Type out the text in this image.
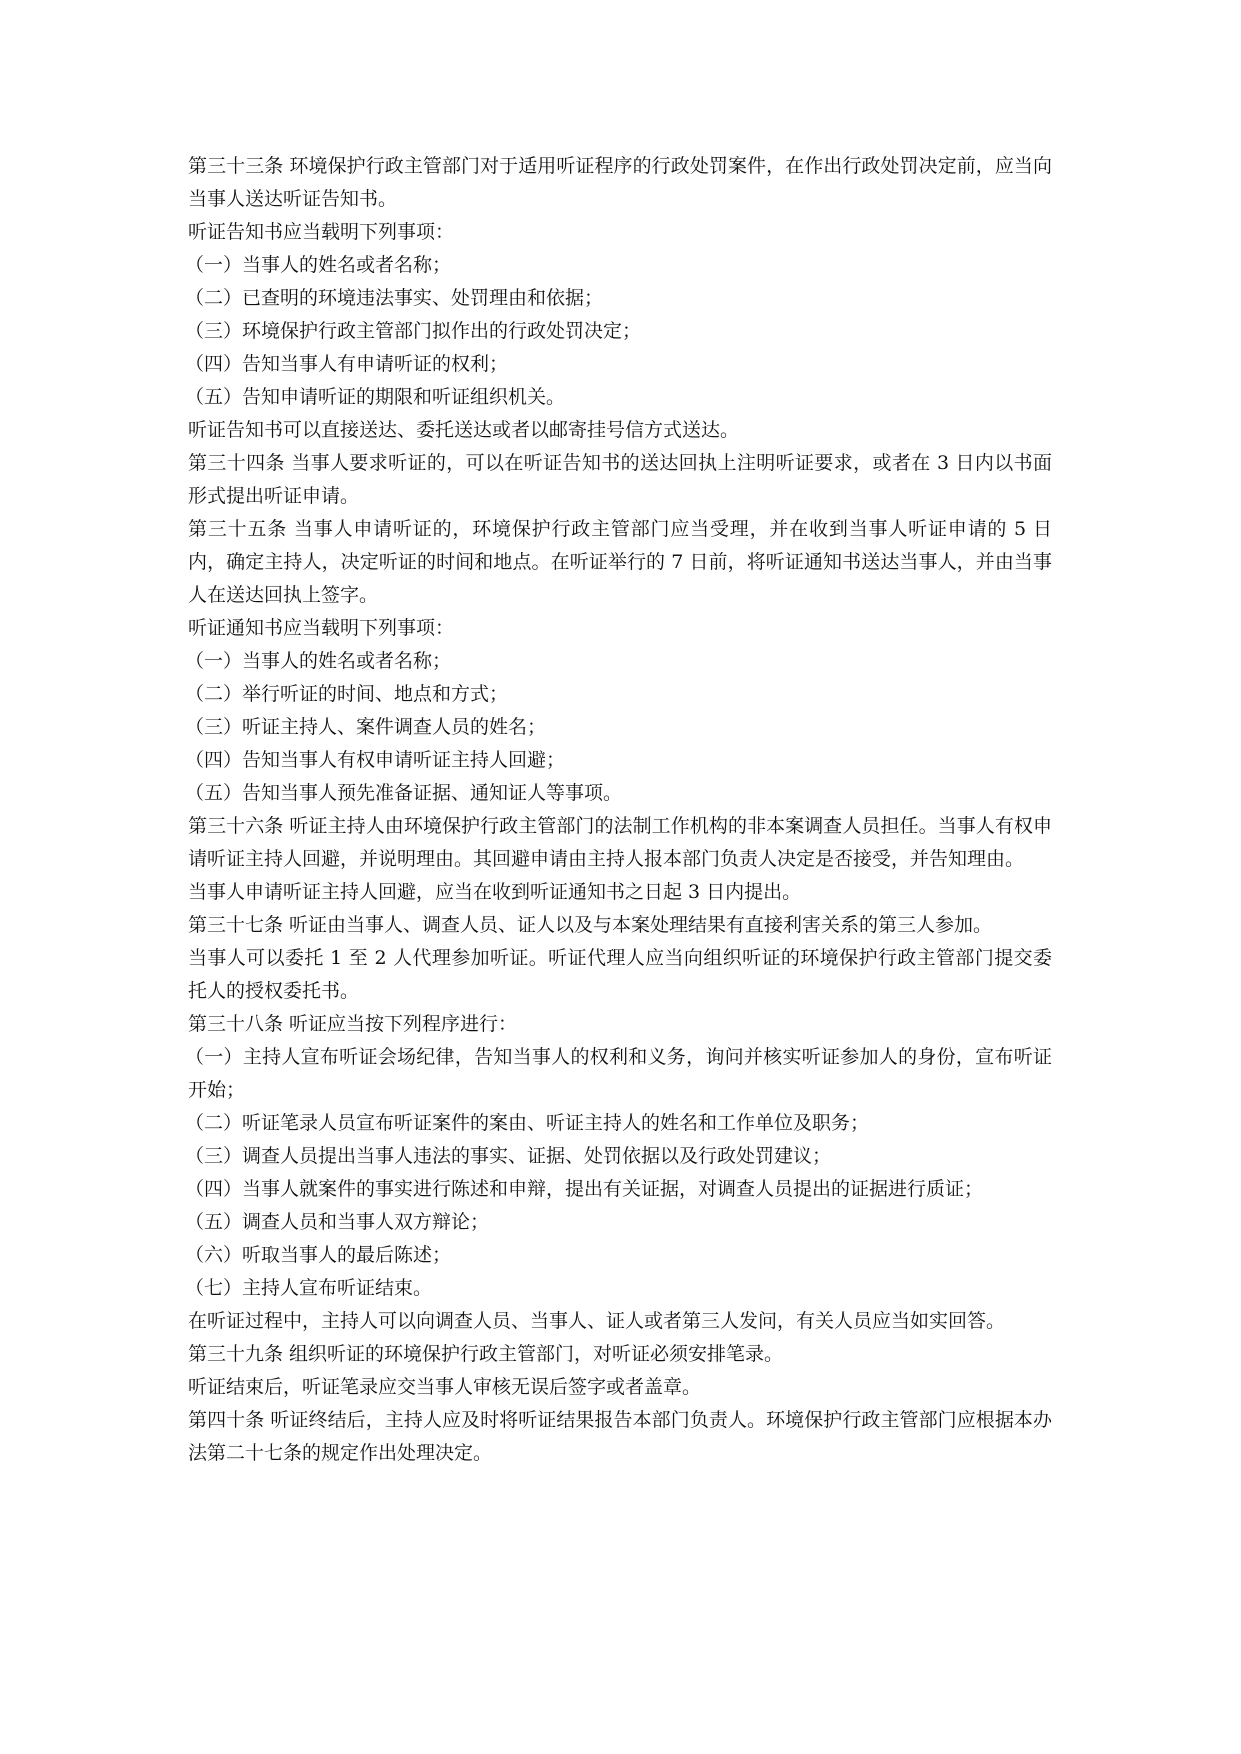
第三十三条 环境保护行政主管部门对于适用听证程序的行政处罚案件，在作出行政处罚决定前，应当向当事人送达听证告知书。

听证告知书应当载明下列事项：

（一）当事人的姓名或者名称；

（二）已查明的环境违法事实、处罚理由和依据；

（三）环境保护行政主管部门拟作出的行政处罚决定；

（四）告知当事人有申请听证的权利；

（五）告知申请听证的期限和听证组织机关。

听证告知书可以直接送达、委托送达或者以邮寄挂号信方式送达。

第三十四条 当事人要求听证的，可以在听证告知书的送达回执上注明听证要求，或者在 3 日内以书面形式提出听证申请。

第三十五条 当事人申请听证的，环境保护行政主管部门应当受理，并在收到当事人听证申请的 5 日内，确定主持人，决定听证的时间和地点。在听证举行的 7 日前，将听证通知书送达当事人，并由当事人在送达回执上签字。

听证通知书应当载明下列事项：

（一）当事人的姓名或者名称；

（二）举行听证的时间、地点和方式；

（三）听证主持人、案件调查人员的姓名；

（四）告知当事人有权申请听证主持人回避；

（五）告知当事人预先准备证据、通知证人等事项。

第三十六条 听证主持人由环境保护行政主管部门的法制工作机构的非本案调查人员担任。当事人有权申请听证主持人回避，并说明理由。其回避申请由主持人报本部门负责人决定是否接受，并告知理由。

当事人申请听证主持人回避，应当在收到听证通知书之日起 3 日内提出。

第三十七条 听证由当事人、调查人员、证人以及与本案处理结果有直接利害关系的第三人参加。

当事人可以委托 1 至 2 人代理参加听证。听证代理人应当向组织听证的环境保护行政主管部门提交委托人的授权委托书。

第三十八条 听证应当按下列程序进行：

（一）主持人宣布听证会场纪律，告知当事人的权利和义务，询问并核实听证参加人的身份，宣布听证开始；

（二）听证笔录人员宣布听证案件的案由、听证主持人的姓名和工作单位及职务；

（三）调查人员提出当事人违法的事实、证据、处罚依据以及行政处罚建议；

（四）当事人就案件的事实进行陈述和申辩，提出有关证据，对调查人员提出的证据进行质证；

（五）调查人员和当事人双方辩论；

（六）听取当事人的最后陈述；

（七）主持人宣布听证结束。

在听证过程中，主持人可以向调查人员、当事人、证人或者第三人发问，有关人员应当如实回答。

第三十九条 组织听证的环境保护行政主管部门，对听证必须安排笔录。

听证结束后，听证笔录应交当事人审核无误后签字或者盖章。

第四十条 听证终结后，主持人应及时将听证结果报告本部门负责人。环境保护行政主管部门应根据本办法第二十七条的规定作出处理决定。
